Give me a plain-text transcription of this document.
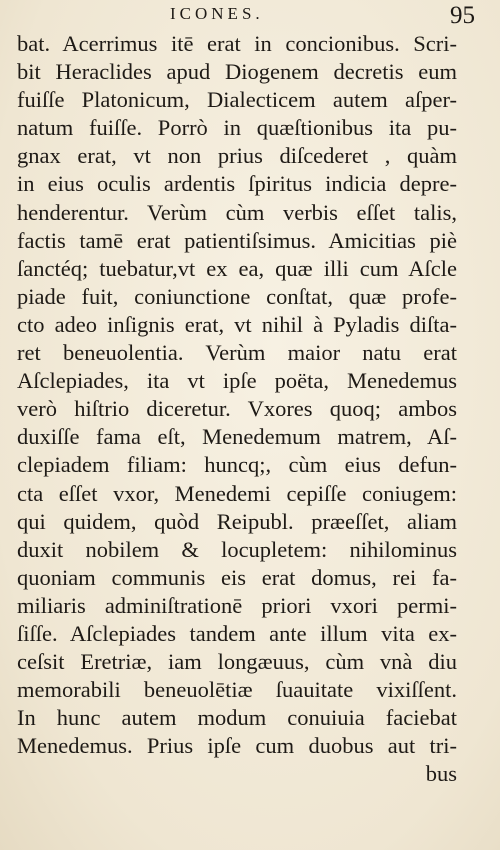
ICONES.	95
bat. Acerrimus itē erat in concionibus. Scri-
bit Heraclides apud Diogenem decretis eum
fuiſſe Platonicum, Dialecticem autem aſper-
natum fuiſſe. Porrò in quæſtionibus ita pu-
gnax erat, vt non prius diſcederet , quàm
in eius oculis ardentis ſpiritus indicia depre-
henderentur. Verùm cùm verbis eſſet talis,
factis tamē erat patientiſsimus. Amicitias piè
ſanctéq; tuebatur,vt ex ea, quæ illi cum Aſcle
piade fuit, coniunctione conſtat, quæ profe-
cto adeo inſignis erat, vt nihil à Pyladis diſta-
ret beneuolentia. Verùm maior natu erat
Aſclepiades, ita vt ipſe poëta, Menedemus
verò hiſtrio diceretur. Vxores quoq; ambos
duxiſſe fama eſt, Menedemum matrem, Aſ-
clepiadem filiam: huncq;, cùm eius defun-
cta eſſet vxor, Menedemi cepiſſe coniugem:
qui quidem, quòd Reipubl. præeſſet, aliam
duxit nobilem & locupletem: nihilominus
quoniam communis eis erat domus, rei fa-
miliaris adminiſtrationē priori vxori permi-
ſiſſe. Aſclepiades tandem ante illum vita ex-
ceſsit Eretriæ, iam longæuus, cùm vnà diu
memorabili beneuolētiæ ſuauitate vixiſſent.
In hunc autem modum conuiuia faciebat
Menedemus. Prius ipſe cum duobus aut tri-
bus
